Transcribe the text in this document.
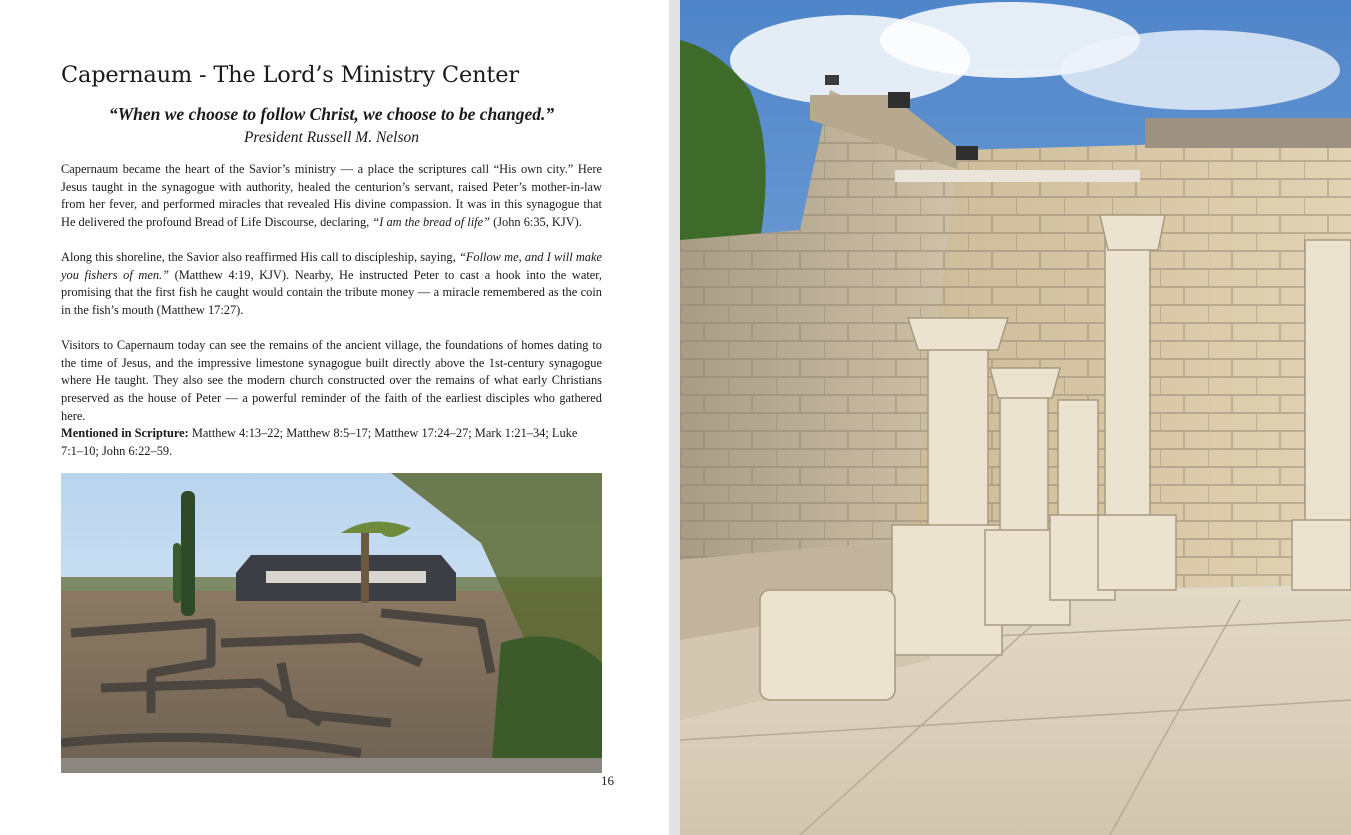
Capernaum - The Lord’s Ministry Center
“When we choose to follow Christ, we choose to be changed.”
President Russell M. Nelson

Capernaum became the heart of the Savior’s ministry — a place the scriptures call “His own city.” Here Jesus taught in the synagogue with authority, healed the centurion’s servant, raised Peter’s mother-in-law from her fever, and performed miracles that revealed His divine compassion. It was in this synagogue that He delivered the profound Bread of Life Discourse, declaring, “I am the bread of life” (John 6:35, KJV).

Along this shoreline, the Savior also reaffirmed His call to discipleship, saying, “Follow me, and I will make you fishers of men.” (Matthew 4:19, KJV). Nearby, He instructed Peter to cast a hook into the water, promising that the first fish he caught would contain the tribute money — a miracle remembered as the coin in the fish’s mouth (Matthew 17:27).

Visitors to Capernaum today can see the remains of the ancient village, the foundations of homes dating to the time of Jesus, and the impressive limestone synagogue built directly above the 1st-century synagogue where He taught. They also see the modern church constructed over the remains of what early Christians preserved as the house of Peter — a powerful reminder of the faith of the earliest disciples who gathered here.

Mentioned in Scripture: Matthew 4:13–22; Matthew 8:5–17; Matthew 17:24–27; Mark 1:21–34; Luke 7:1–10; John 6:22–59.

16
